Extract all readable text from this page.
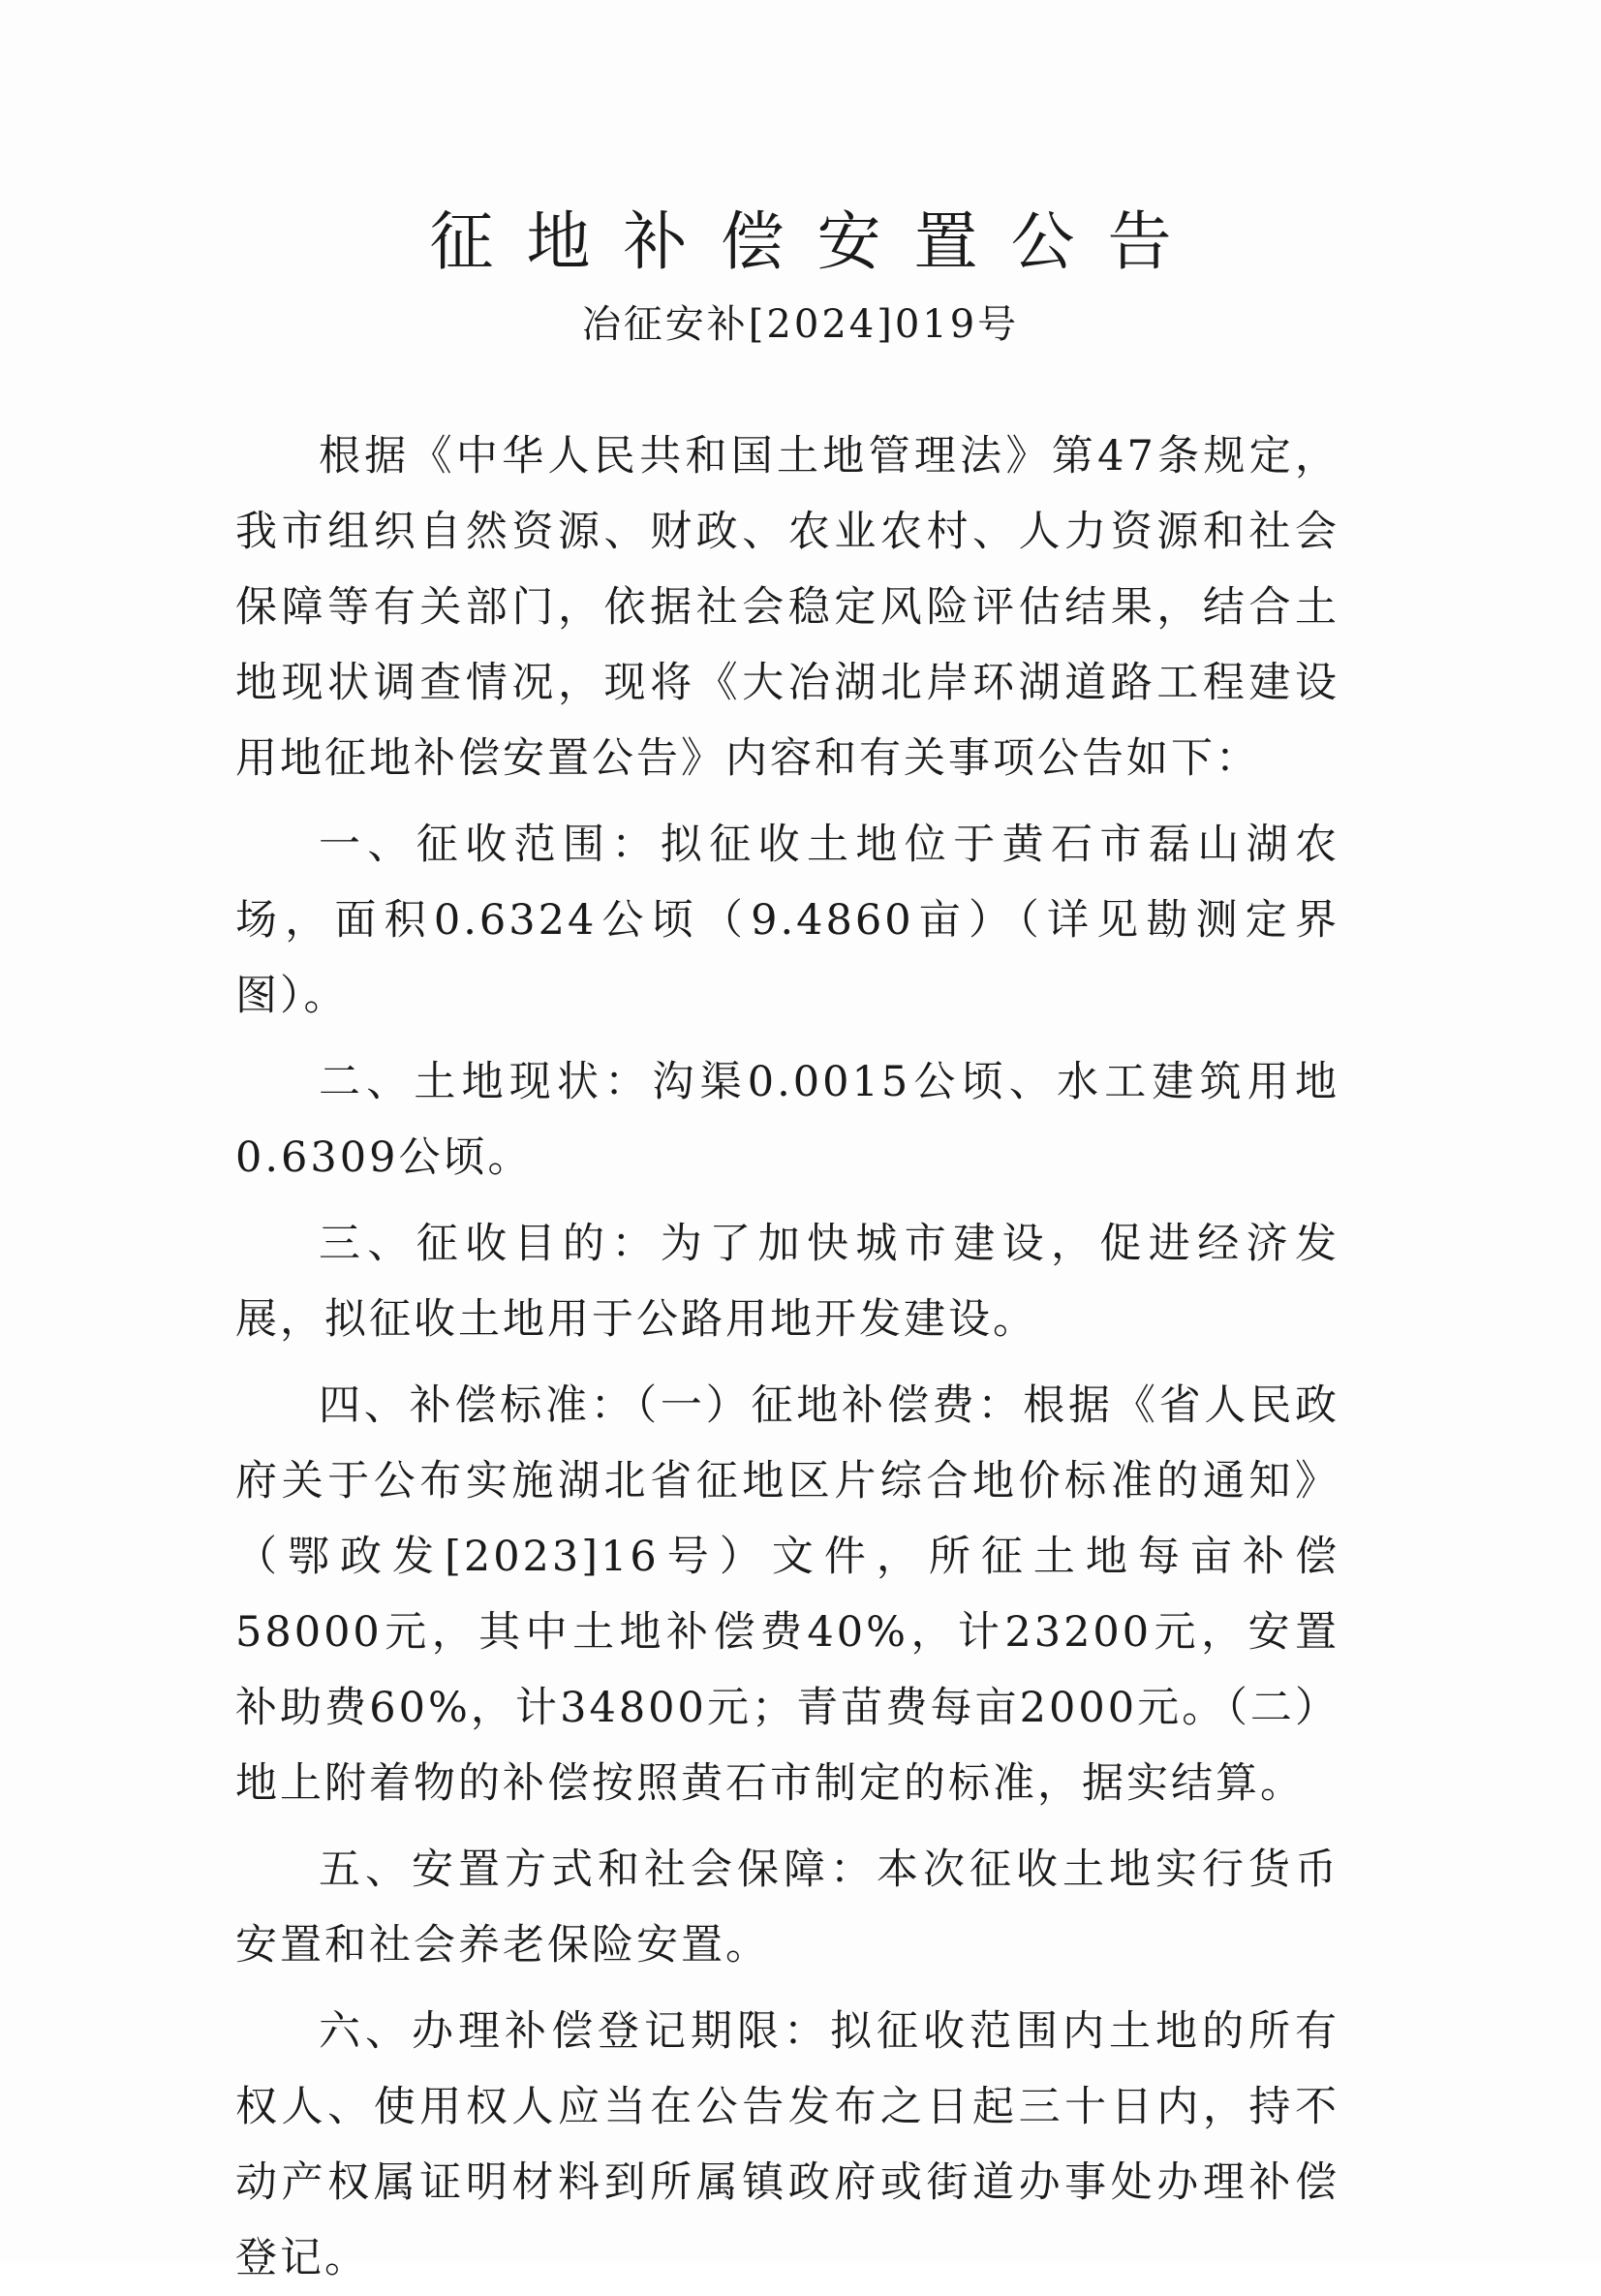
征地补偿安置公告
冶征安补[2024]019号

根据《中华人民共和国土地管理法》第47条规定，我市组织自然资源、财政、农业农村、人力资源和社会保障等有关部门，依据社会稳定风险评估结果，结合土地现状调查情况，现将《大冶湖北岸环湖道路工程建设用地征地补偿安置公告》内容和有关事项公告如下：

一、征收范围：拟征收土地位于黄石市磊山湖农场，面积0.6324公顷（9.4860亩）（详见勘测定界图）。

二、土地现状：沟渠0.0015公顷、水工建筑用地0.6309公顷。

三、征收目的：为了加快城市建设，促进经济发展，拟征收土地用于公路用地开发建设。

四、补偿标准：（一）征地补偿费：根据《省人民政府关于公布实施湖北省征地区片综合地价标准的通知》（鄂政发[2023]16号）文件，所征土地每亩补偿58000元，其中土地补偿费40%，计23200元，安置补助费60%，计34800元；青苗费每亩2000元。（二）地上附着物的补偿按照黄石市制定的标准，据实结算。

五、安置方式和社会保障：本次征收土地实行货币安置和社会养老保险安置。

六、办理补偿登记期限：拟征收范围内土地的所有权人、使用权人应当在公告发布之日起三十日内，持不动产权属证明材料到所属镇政府或街道办事处办理补偿登记。
